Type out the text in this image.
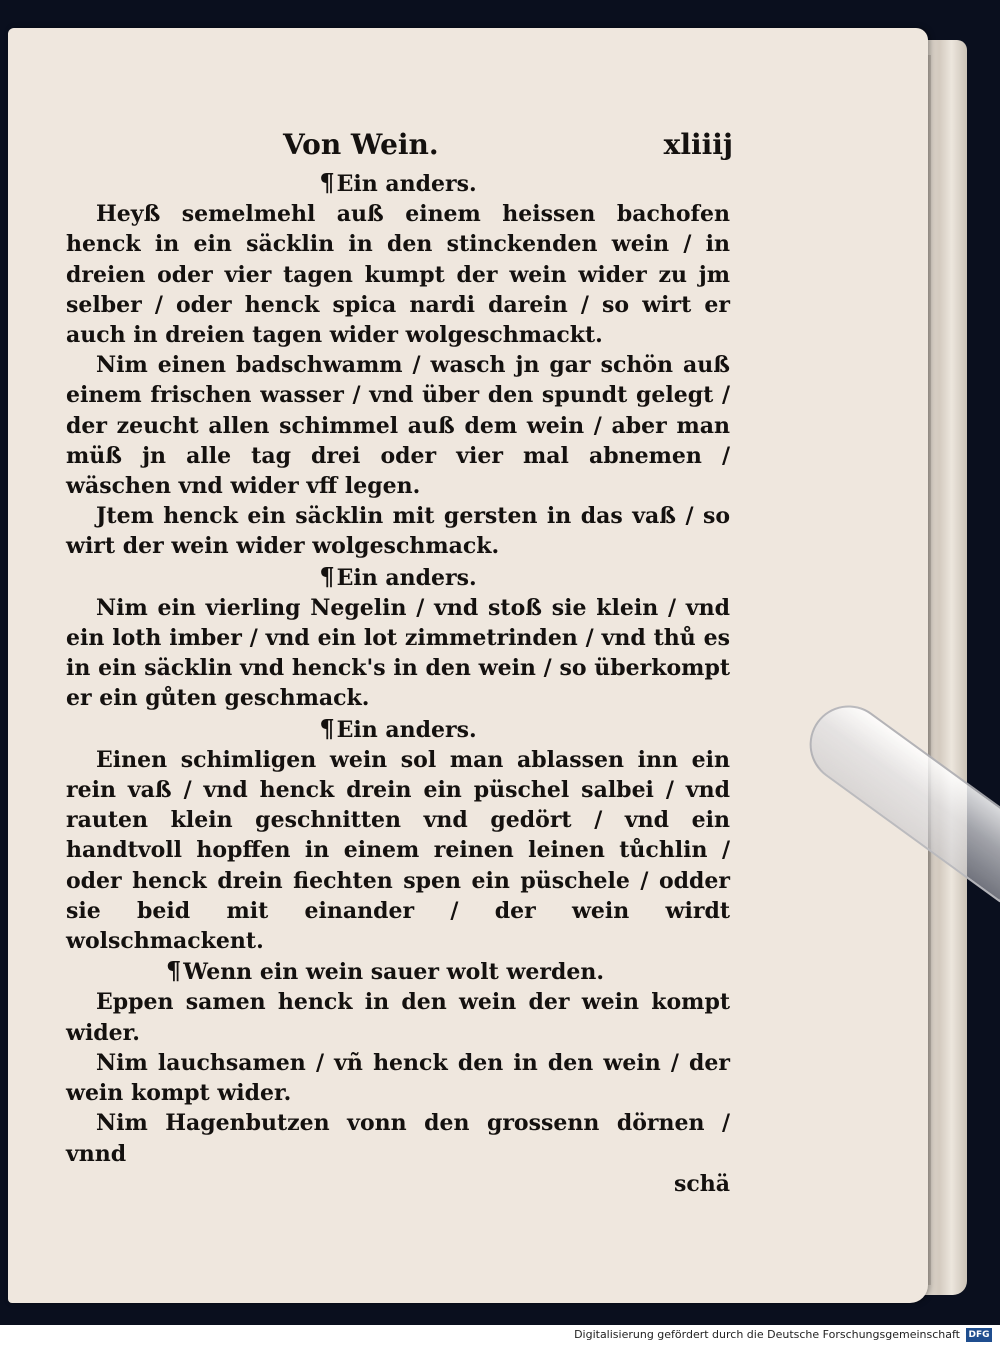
Von Wein.	xliiij

¶Ein anders.

Heyß semelmehl auß einem heissen bachofen henck in ein säcklin in den stinckenden wein / in dreien oder vier tagen kumpt der wein wider zu jm selber / oder henck spica nardi darein / so wirt er auch in dreien tagen wider wolgeschmackt.

Nim einen badschwamm / wasch jn gar schön auß einem frischen wasser / vnd über den spundt gelegt / der zeucht allen schimmel auß dem wein / aber man müß jn alle tag drei oder vier mal abnemen / wäschen vnd wider vff legen.

Jtem henck ein säcklin mit gersten in das vaß / so wirt der wein wider wolgeschmack.

¶Ein anders.

Nim ein vierling Negelin / vnd stoß sie klein / vnd ein loth imber / vnd ein lot zimmetrinden / vnd thů es in ein säcklin vnd henck's in den wein / so überkompt er ein gůten geschmack.

¶Ein anders.

Einen schimligen wein sol man ablassen inn ein rein vaß / vnd henck drein ein püschel salbei / vnd rauten klein geschnitten vnd gedört / vnd ein handtvoll hopffen in einem reinen leinen tůchlin / oder henck drein fiechten spen ein püschele / odder sie beid mit einander / der wein wirdt wolschmackent.

¶Wenn ein wein sauer wolt werden.

Eppen samen henck in den wein der wein kompt wider.

Nim lauchsamen / vñ henck den in den wein / der wein kompt wider.

Nim Hagenbutzen vonn den grossenn dörnen / vnnd

schä

Digitalisierung gefördert durch die Deutsche Forschungsgemeinschaft DFG
